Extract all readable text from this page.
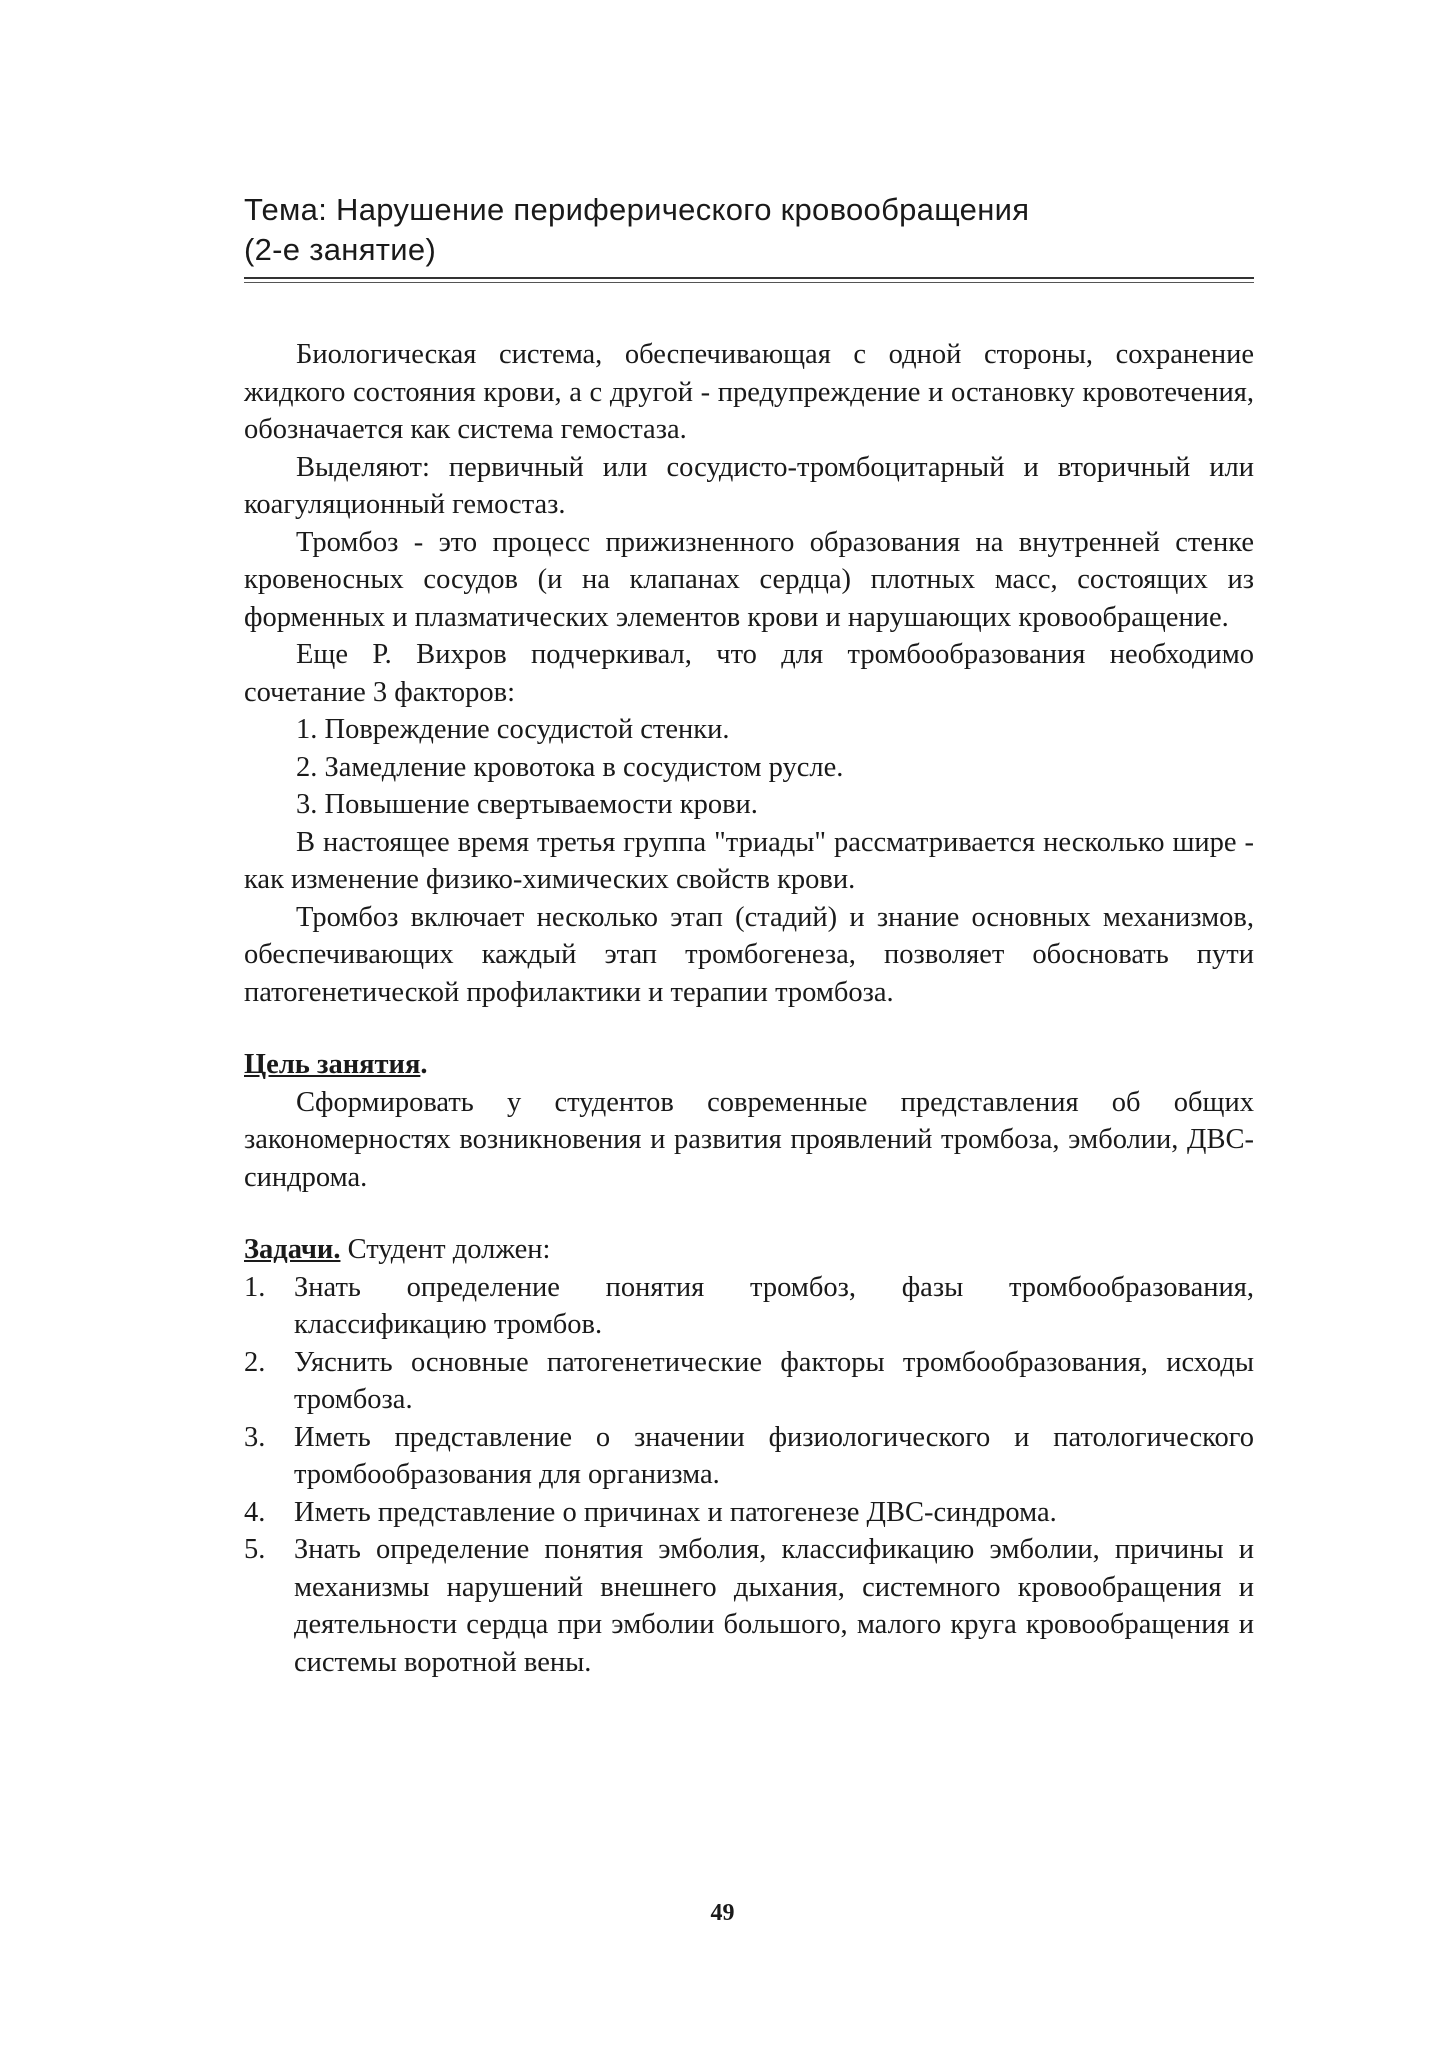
Тема: Нарушение периферического кровообращения
(2-е занятие)

Биологическая система, обеспечивающая с одной стороны, сохранение жидкого состояния крови, а с другой - предупреждение и остановку кровотечения, обозначается как система гемостаза.

Выделяют: первичный или сосудисто-тромбоцитарный и вторичный или коагуляционный гемостаз.

Тромбоз - это процесс прижизненного образования на внутренней стенке кровеносных сосудов (и на клапанах сердца) плотных масс, состоящих из форменных и плазматических элементов крови и нарушающих кровообращение.

Еще Р. Вихров подчеркивал, что для тромбообразования необходимо сочетание 3 факторов:

1. Повреждение сосудистой стенки.
2. Замедление кровотока в сосудистом русле.
3. Повышение свертываемости крови.

В настоящее время третья группа "триады" рассматривается несколько шире - как изменение физико-химических свойств крови.

Тромбоз включает несколько этап (стадий) и знание основных механизмов, обеспечивающих каждый этап тромбогенеза, позволяет обосновать пути патогенетической профилактики и терапии тромбоза.

Цель занятия.

Сформировать у студентов современные представления об общих закономерностях возникновения и развития проявлений тромбоза, эмболии, ДВС-синдрома.

Задачи. Студент должен:

1. Знать определение понятия тромбоз, фазы тромбообразования, классификацию тромбов.
2. Уяснить основные патогенетические факторы тромбообразования, исходы тромбоза.
3. Иметь представление о значении физиологического и патологического тромбообразования для организма.
4. Иметь представление о причинах и патогенезе ДВС-синдрома.
5. Знать определение понятия эмболия, классификацию эмболии, причины и механизмы нарушений внешнего дыхания, системного кровообращения и деятельности сердца при эмболии большого, малого круга кровообращения и системы воротной вены.
49
